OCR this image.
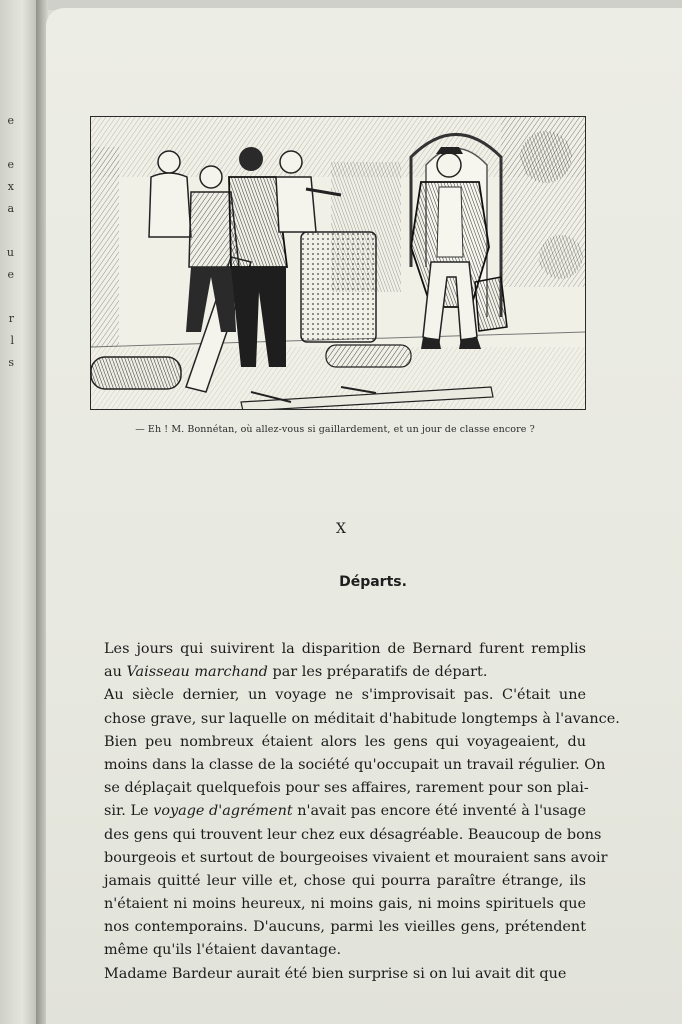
e

e
x
a

u
e

r
l
s
— Eh ! M. Bonnétan, où allez-vous si gaillardement, et un jour de classe encore ?
X
Départs.
Les jours qui suivirent la disparition de Bernard furent remplis
au Vaisseau marchand par les préparatifs de départ.
Au siècle dernier, un voyage ne s'improvisait pas. C'était une
chose grave, sur laquelle on méditait d'habitude longtemps à l'avance.
Bien peu nombreux étaient alors les gens qui voyageaient, du
moins dans la classe de la société qu'occupait un travail régulier. On
se déplaçait quelquefois pour ses affaires, rarement pour son plai-
sir. Le voyage d'agrément n'avait pas encore été inventé à l'usage
des gens qui trouvent leur chez eux désagréable. Beaucoup de bons
bourgeois et surtout de bourgeoises vivaient et mouraient sans avoir
jamais quitté leur ville et, chose qui pourra paraître étrange, ils
n'étaient ni moins heureux, ni moins gais, ni moins spirituels que
nos contemporains. D'aucuns, parmi les vieilles gens, prétendent
même qu'ils l'étaient davantage.
Madame Bardeur aurait été bien surprise si on lui avait dit que
